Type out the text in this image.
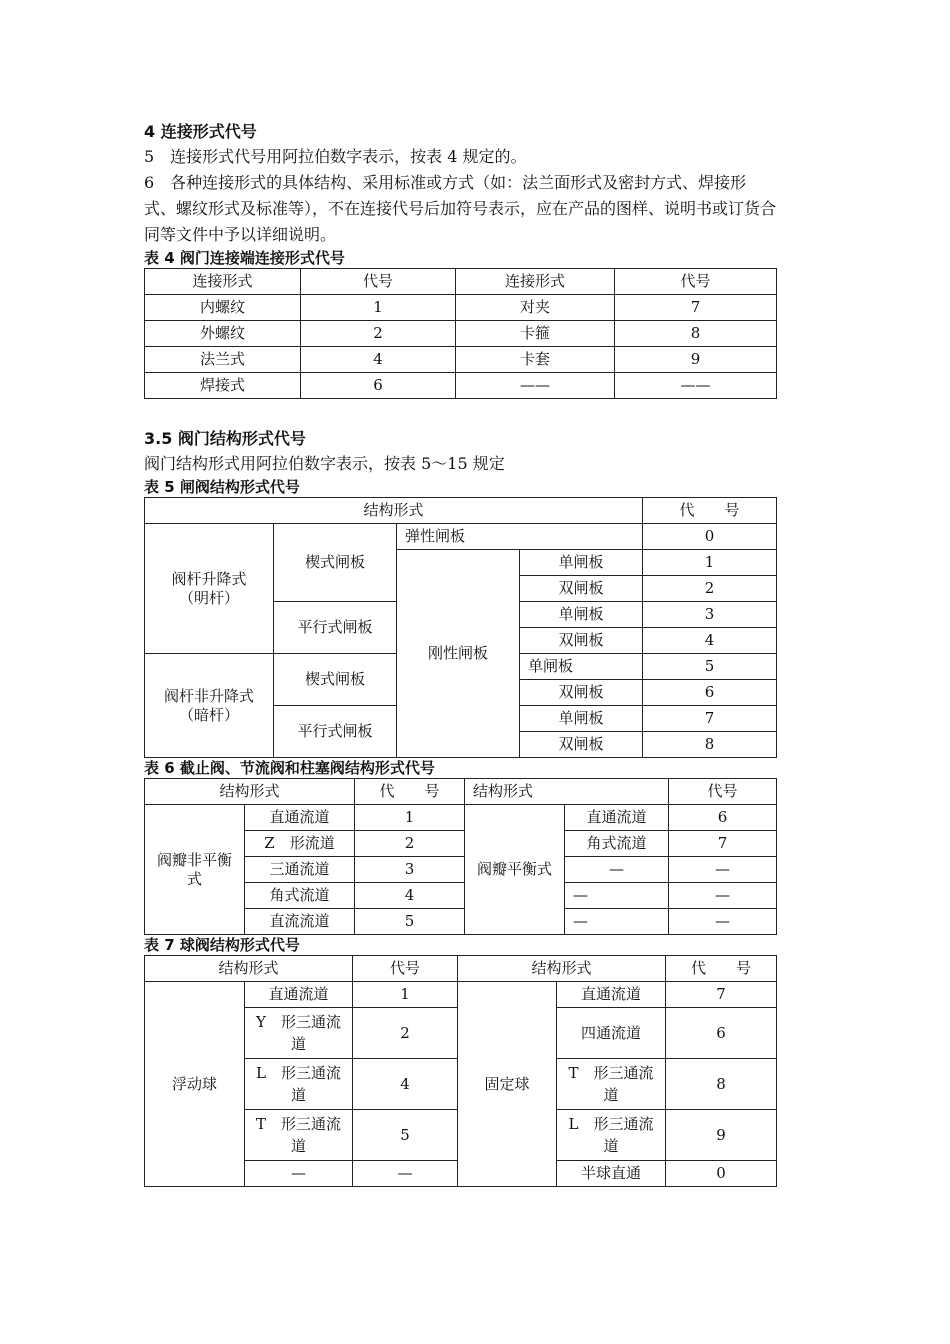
4 连接形式代号

5　连接形式代号用阿拉伯数字表示，按表 4 规定的。

6　各种连接形式的具体结构、采用标准或方式（如：法兰面形式及密封方式、焊接形式、螺纹形式及标准等），不在连接代号后加符号表示，应在产品的图样、说明书或订货合同等文件中予以详细说明。

表 4 阀门连接端连接形式代号

连接形式	代号	连接形式	代号
内螺纹	1	对夹	7
外螺纹	2	卡箍	8
法兰式	4	卡套	9
焊接式	6	——	——

3.5 阀门结构形式代号

阀门结构形式用阿拉伯数字表示，按表 5～15 规定

表 5 闸阀结构形式代号

结构形式				代　　号
阀杆升降式（明杆）	楔式闸板	弹性闸板		0
		刚性闸板	单闸板	1
			双闸板	2
	平行式闸板		单闸板	3
			双闸板	4
阀杆非升降式（暗杆）	楔式闸板		单闸板	5
			双闸板	6
	平行式闸板		单闸板	7
			双闸板	8

表 6 截止阀、节流阀和柱塞阀结构形式代号

结构形式		代　　号	结构形式		代号
阀瓣非平衡式	直通流道	1	阀瓣平衡式	直通流道	6
	Z　形流道	2		角式流道	7
	三通流道	3		—	—
	角式流道	4		—	—
	直流流道	5		—	—

表 7 球阀结构形式代号

结构形式		代号	结构形式		代　　号
浮动球	直通流道	1	固定球	直通流道	7
	Y　形三通流道	2		四通流道	6
	L　形三通流道	4		T　形三通流道	8
	T　形三通流道	5		L　形三通流道	9
	—	—		半球直通	0
